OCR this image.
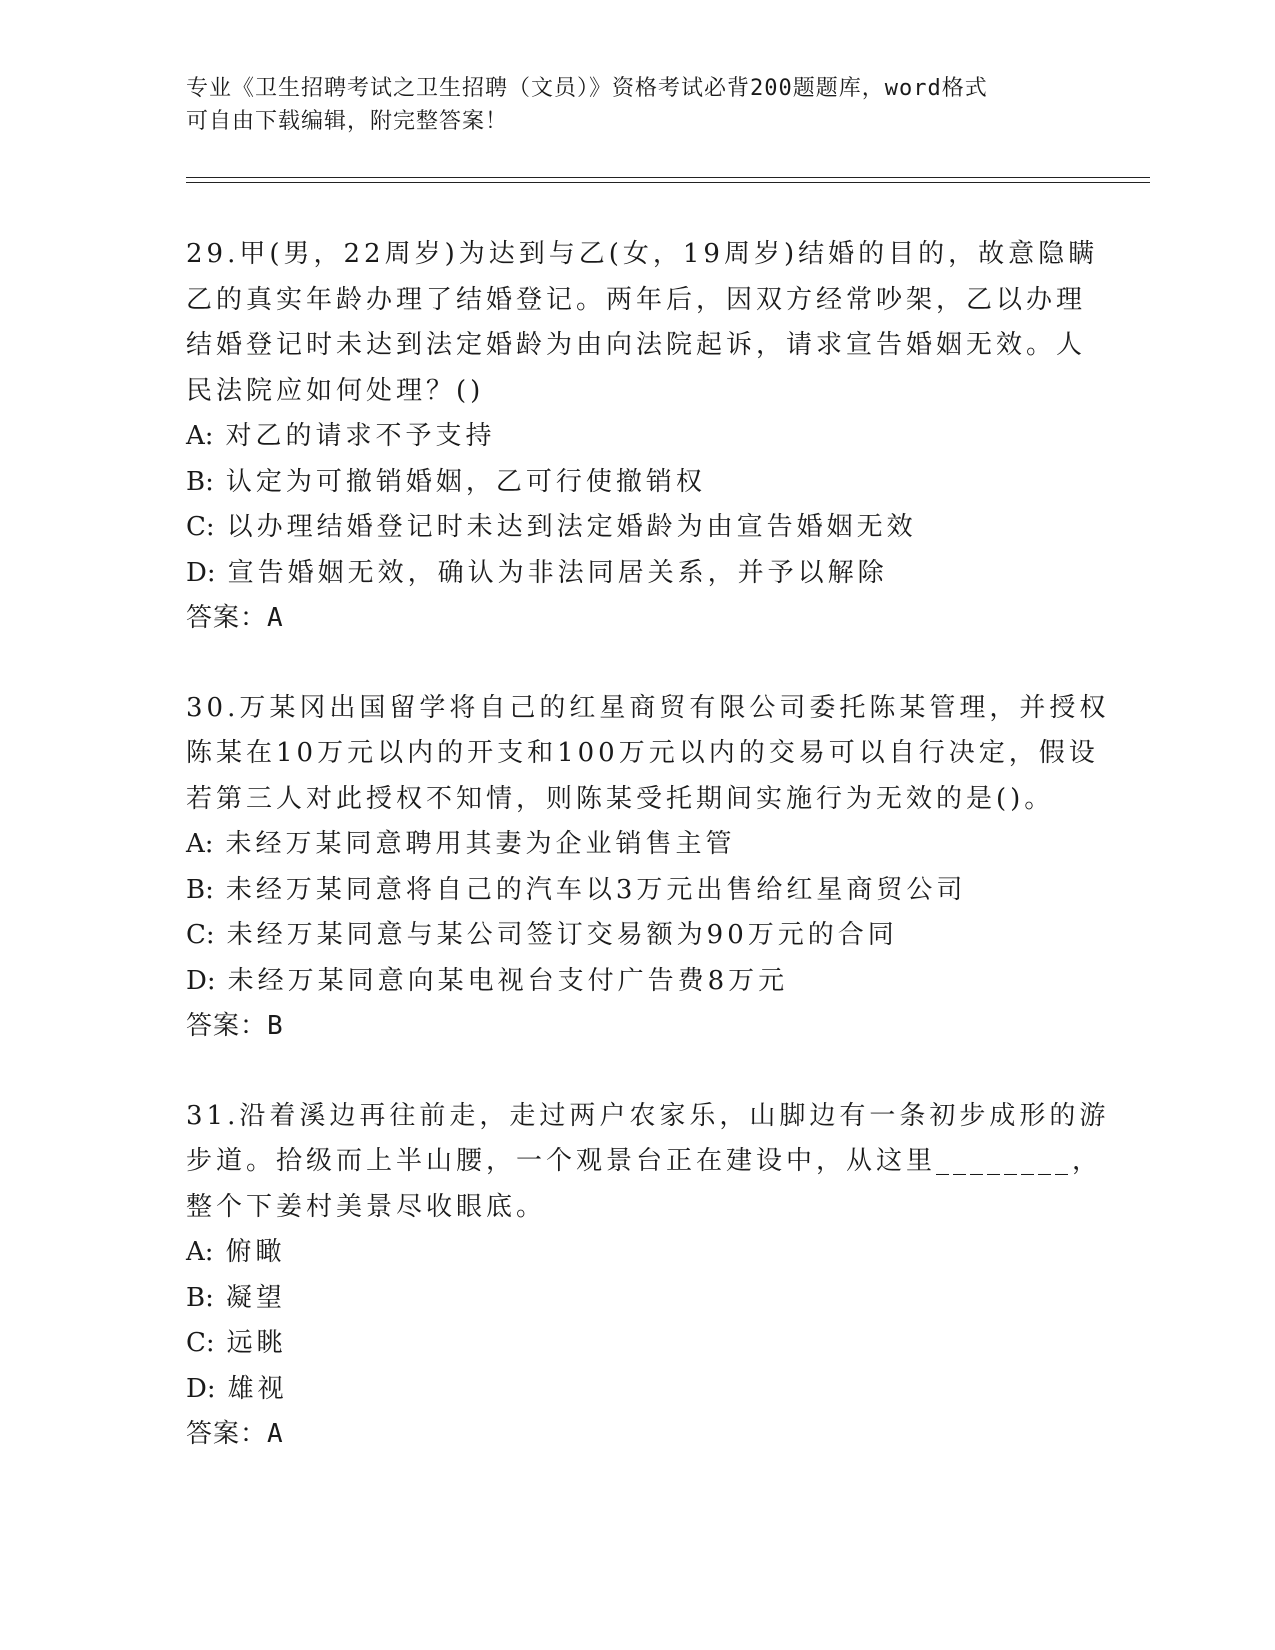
专业《卫生招聘考试之卫生招聘（文员）》资格考试必背200题题库，word格式
可自由下载编辑，附完整答案！
29.甲(男，22周岁)为达到与乙(女，19周岁)结婚的目的，故意隐瞒
乙的真实年龄办理了结婚登记。两年后，因双方经常吵架，乙以办理
结婚登记时未达到法定婚龄为由向法院起诉，请求宣告婚姻无效。人
民法院应如何处理？()
A: 对乙的请求不予支持
B: 认定为可撤销婚姻，乙可行使撤销权
C: 以办理结婚登记时未达到法定婚龄为由宣告婚姻无效
D: 宣告婚姻无效，确认为非法同居关系，并予以解除
答案：A
30.万某冈出国留学将自己的红星商贸有限公司委托陈某管理，并授权
陈某在10万元以内的开支和100万元以内的交易可以自行决定，假设
若第三人对此授权不知情，则陈某受托期间实施行为无效的是()。
A: 未经万某同意聘用其妻为企业销售主管
B: 未经万某同意将自己的汽车以3万元出售给红星商贸公司
C: 未经万某同意与某公司签订交易额为90万元的合同
D: 未经万某同意向某电视台支付广告费8万元
答案：B
31.沿着溪边再往前走，走过两户农家乐，山脚边有一条初步成形的游
步道。拾级而上半山腰，一个观景台正在建设中，从这里________，
整个下姜村美景尽收眼底。
A: 俯瞰
B: 凝望
C: 远眺
D: 雄视
答案：A
